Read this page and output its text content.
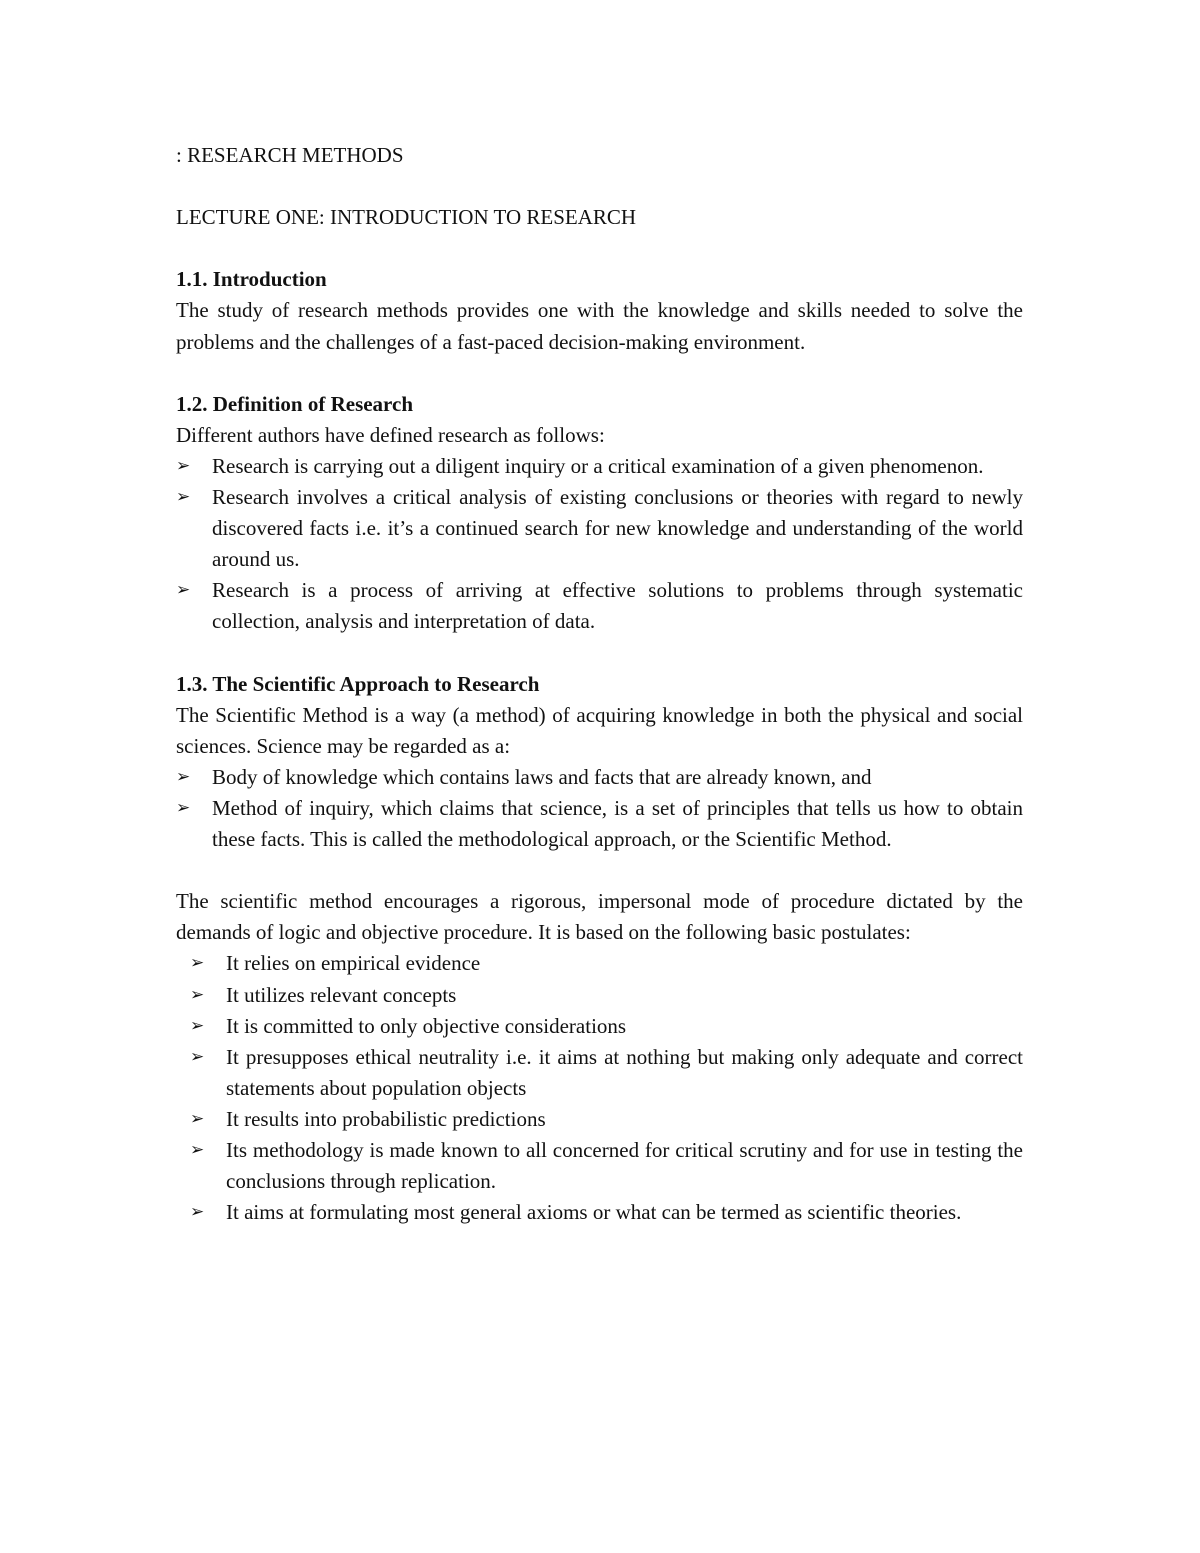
: RESEARCH METHODS
LECTURE ONE: INTRODUCTION TO RESEARCH
1.1. Introduction
The study of research methods provides one with the knowledge and skills needed to solve the problems and the challenges of a fast-paced decision-making environment.
1.2. Definition of Research
Different authors have defined research as follows:
➢	Research is carrying out a diligent inquiry or a critical examination of a given phenomenon.
➢	Research involves a critical analysis of existing conclusions or theories with regard to newly discovered facts i.e. it’s a continued search for new knowledge and understanding of the world around us.
➢	Research is a process of arriving at effective solutions to problems through systematic collection, analysis and interpretation of data.
1.3. The Scientific Approach to Research
The Scientific Method is a way (a method) of acquiring knowledge in both the physical and social sciences. Science may be regarded as a:
➢	Body of knowledge which contains laws and facts that are already known, and
➢	Method of inquiry, which claims that science, is a set of principles that tells us how to obtain these facts. This is called the methodological approach, or the Scientific Method.
The scientific method encourages a rigorous, impersonal mode of procedure dictated by the demands of logic and objective procedure. It is based on the following basic postulates:
➢	It relies on empirical evidence
➢	It utilizes relevant concepts
➢	It is committed to only objective considerations
➢	It presupposes ethical neutrality i.e. it aims at nothing but making only adequate and correct statements about population objects
➢	It results into probabilistic predictions
➢	Its methodology is made known to all concerned for critical scrutiny and for use in testing the conclusions through replication.
➢	It aims at formulating most general axioms or what can be termed as scientific theories.
